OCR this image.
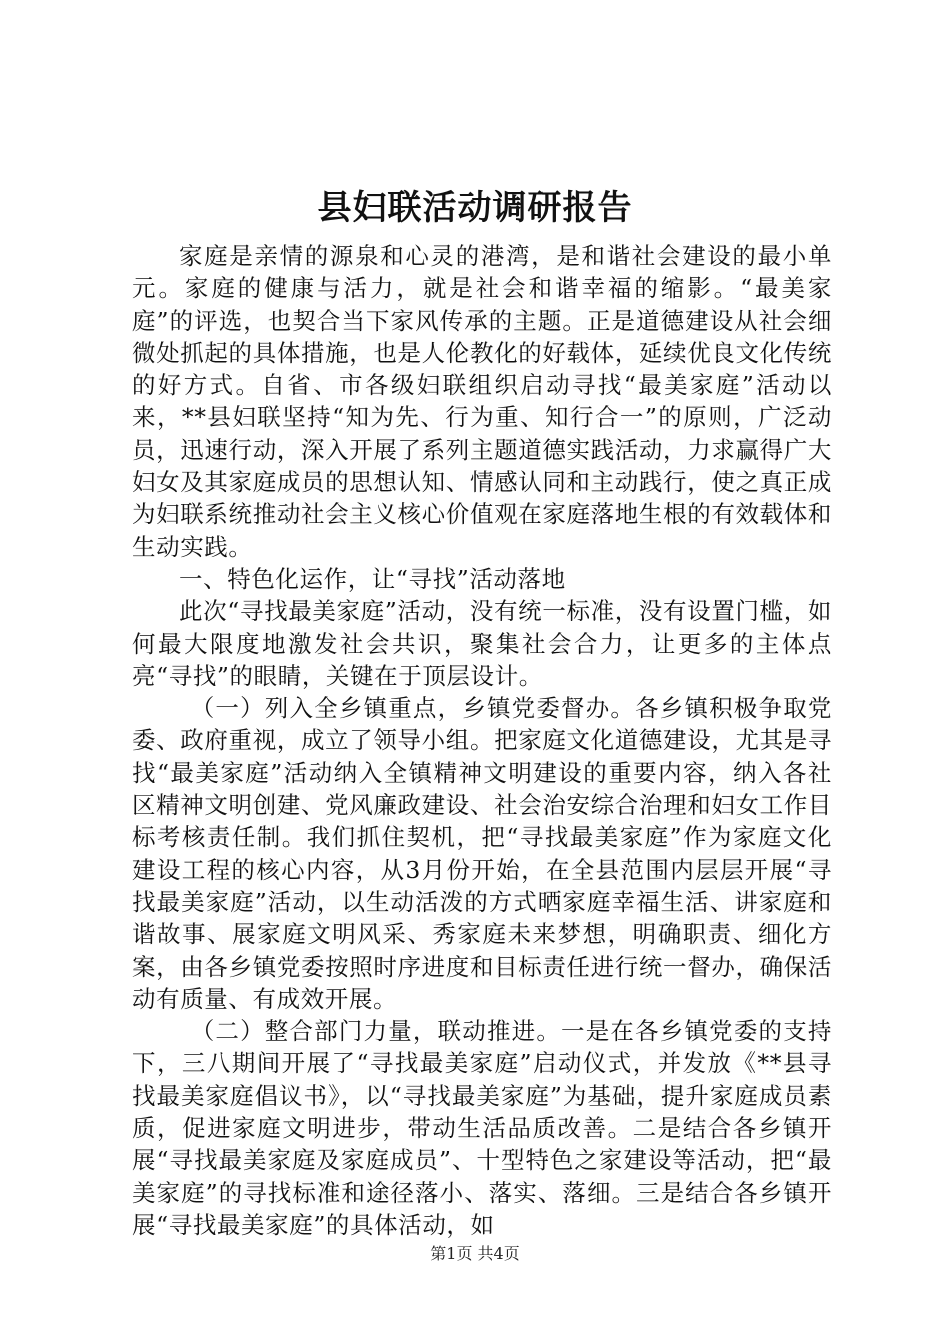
县妇联活动调研报告

家庭是亲情的源泉和心灵的港湾，是和谐社会建设的最小单元。家庭的健康与活力，就是社会和谐幸福的缩影。“最美家庭”的评选，也契合当下家风传承的主题。正是道德建设从社会细微处抓起的具体措施，也是人伦教化的好载体，延续优良文化传统的好方式。自省、市各级妇联组织启动寻找“最美家庭”活动以来，**县妇联坚持“知为先、行为重、知行合一”的原则，广泛动员，迅速行动，深入开展了系列主题道德实践活动，力求赢得广大妇女及其家庭成员的思想认知、情感认同和主动践行，使之真正成为妇联系统推动社会主义核心价值观在家庭落地生根的有效载体和生动实践。

一、特色化运作，让“寻找”活动落地

此次“寻找最美家庭”活动，没有统一标准，没有设置门槛，如何最大限度地激发社会共识，聚集社会合力，让更多的主体点亮“寻找”的眼睛，关键在于顶层设计。

（一）列入全乡镇重点，乡镇党委督办。各乡镇积极争取党委、政府重视，成立了领导小组。把家庭文化道德建设，尤其是寻找“最美家庭”活动纳入全镇精神文明建设的重要内容，纳入各社区精神文明创建、党风廉政建设、社会治安综合治理和妇女工作目标考核责任制。我们抓住契机，把“寻找最美家庭”作为家庭文化建设工程的核心内容，从3月份开始，在全县范围内层层开展“寻找最美家庭”活动，以生动活泼的方式晒家庭幸福生活、讲家庭和谐故事、展家庭文明风采、秀家庭未来梦想，明确职责、细化方案，由各乡镇党委按照时序进度和目标责任进行统一督办，确保活动有质量、有成效开展。

（二）整合部门力量，联动推进。一是在各乡镇党委的支持下，三八期间开展了“寻找最美家庭”启动仪式，并发放《**县寻找最美家庭倡议书》，以“寻找最美家庭”为基础，提升家庭成员素质，促进家庭文明进步，带动生活品质改善。二是结合各乡镇开展“寻找最美家庭及家庭成员”、十型特色之家建设等活动，把“最美家庭”的寻找标准和途径落小、落实、落细。三是结合各乡镇开展“寻找最美家庭”的具体活动，如

第1页 共4页
